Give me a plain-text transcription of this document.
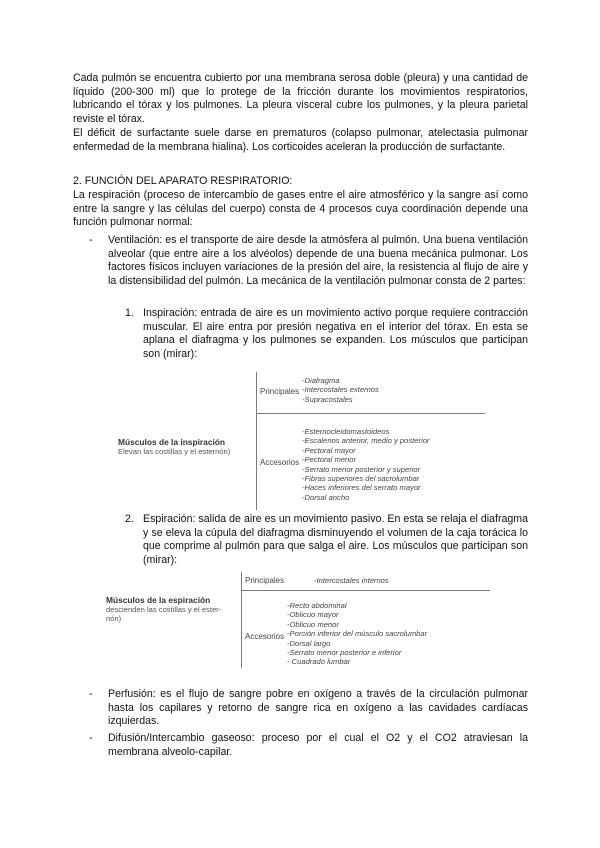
Cada pulmón se encuentra cubierto por una membrana serosa doble (pleura) y una cantidad de líquido (200-300 ml) que lo protege de la fricción durante los movimientos respiratorios, lubricando el tórax y los pulmones. La pleura visceral cubre los pulmones, y la pleura parietal reviste el tórax.

El déficit de surfactante suele darse en prematuros (colapso pulmonar, atelectasia pulmonar enfermedad de la membrana hialina). Los corticoides aceleran la producción de surfactante.

2. FUNCIÓN DEL APARATO RESPIRATORIO:

La respiración (proceso de intercambio de gases entre el aire atmosférico y la sangre así como entre la sangre y las células del cuerpo) consta de 4 procesos cuya coordinación depende una función pulmonar normal:

- Ventilación: es el transporte de aire desde la atmósfera al pulmón. Una buena ventilación alveolar (que entre aire a los alvéolos) depende de una buena mecánica pulmonar. Los factores físicos incluyen variaciones de la presión del aire, la resistencia al flujo de aire y la distensibilidad del pulmón. La mecánica de la ventilación pulmonar consta de 2 partes:

1. Inspiración: entrada de aire es un movimiento activo porque requiere contracción muscular. El aire entra por presión negativa en el interior del tórax. En esta se aplana el diafragma y los pulmones se expanden. Los músculos que participan son (mirar):

Músculos de la inspiración
Elevan las costillas y el esternón)
Principales
-Diafragma
-Intercostales externos
-Supracostales
Accesorios
-Esternocleidomastoideos
-Escalenos anterior, medio y posterior
-Pectoral mayor
-Pectoral menor
-Serrato menor posterior y superior
-Fibras superiores del sacrolumbar
-Haces inferiores del serrato mayor
-Dorsal ancho
2. Espiración: salida de aire es un movimiento pasivo. En esta se relaja el diafragma y se eleva la cúpula del diafragma disminuyendo el volumen de la caja torácica lo que comprime al pulmón para que salga el aire. Los músculos que participan son (mirar):

Músculos de la espiración
descienden las costillas y el ester-
nón)
Principales	-Intercostales internos
Accesorios
-Recto abdominal
-Oblicuo mayor
-Oblicuo menor
-Porción inferior del músculo sacrolumbar
-Dorsal largo
-Serrato menor posterior e inferior
- Cuadrado lumbar
- Perfusión: es el flujo de sangre pobre en oxígeno a través de la circulación pulmonar hasta los capilares y retorno de sangre rica en oxígeno a las cavidades cardíacas izquierdas.

- Difusión/Intercambio gaseoso: proceso por el cual el O2 y el CO2 atraviesan la membrana alveolo-capilar.
